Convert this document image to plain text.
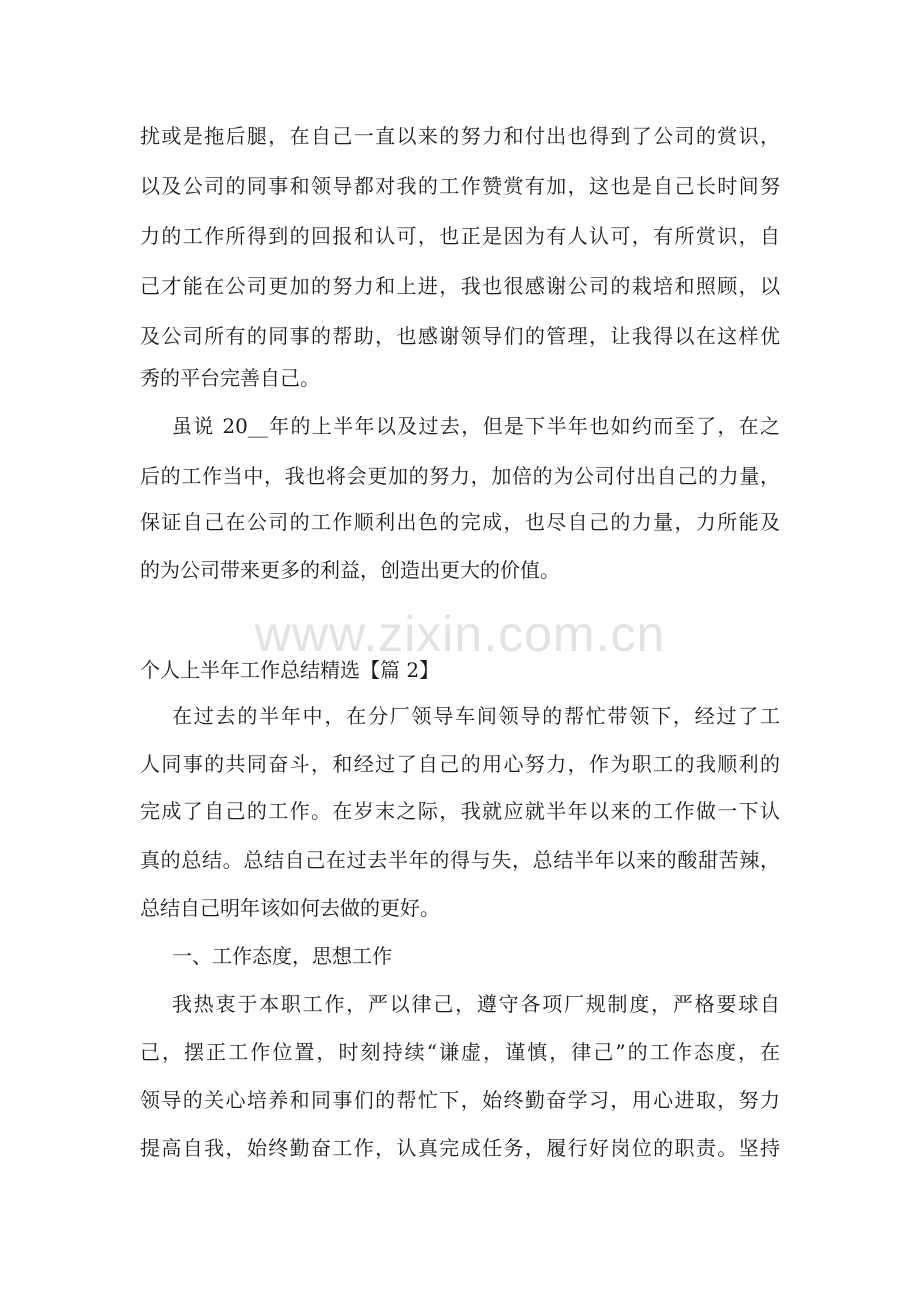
www.zixin.com.cn
扰或是拖后腿，在自己一直以来的努力和付出也得到了公司的赏识，
以及公司的同事和领导都对我的工作赞赏有加，这也是自己长时间努
力的工作所得到的回报和认可，也正是因为有人认可，有所赏识，自
己才能在公司更加的努力和上进，我也很感谢公司的栽培和照顾，以
及公司所有的同事的帮助，也感谢领导们的管理，让我得以在这样优
秀的平台完善自己。
虽说 20__年的上半年以及过去，但是下半年也如约而至了，在之
后的工作当中，我也将会更加的努力，加倍的为公司付出自己的力量，
保证自己在公司的工作顺利出色的完成，也尽自己的力量，力所能及
的为公司带来更多的利益，创造出更大的价值。
个人上半年工作总结精选【篇 2】
在过去的半年中，在分厂领导车间领导的帮忙带领下，经过了工
人同事的共同奋斗，和经过了自己的用心努力，作为职工的我顺利的
完成了自己的工作。在岁末之际，我就应就半年以来的工作做一下认
真的总结。总结自己在过去半年的得与失，总结半年以来的酸甜苦辣，
总结自己明年该如何去做的更好。
一、工作态度，思想工作
我热衷于本职工作，严以律己，遵守各项厂规制度，严格要球自
己，摆正工作位置，时刻持续“谦虚，谨慎，律己”的工作态度，在
领导的关心培养和同事们的帮忙下，始终勤奋学习，用心进取，努力
提高自我，始终勤奋工作，认真完成任务，履行好岗位的职责。坚持
